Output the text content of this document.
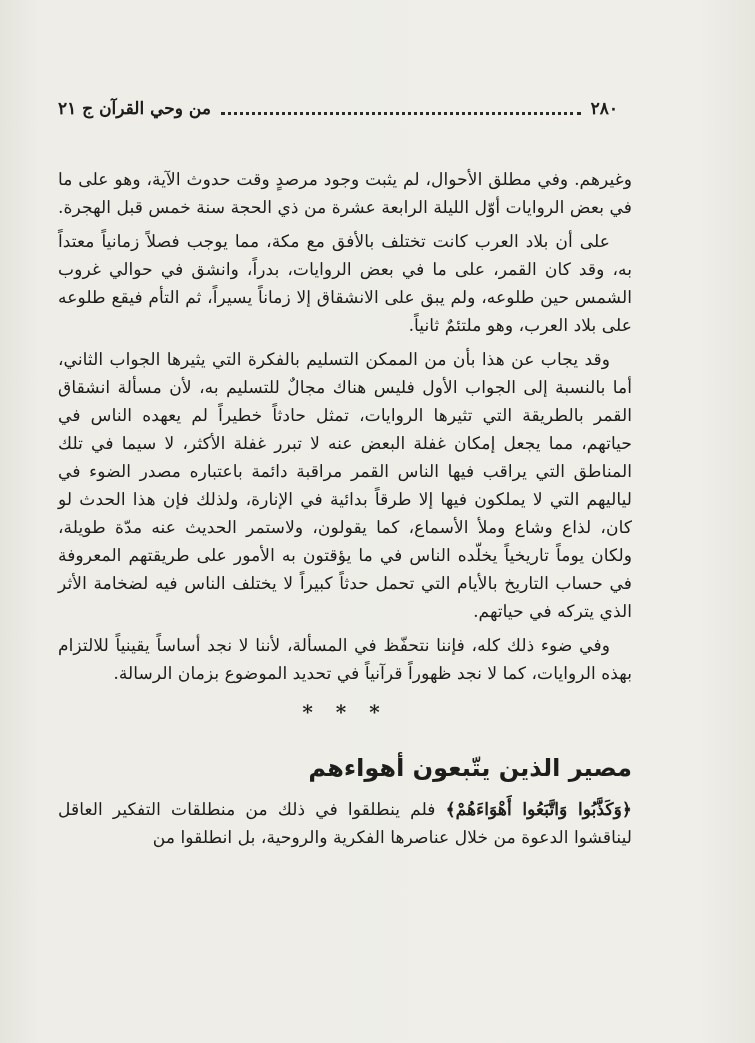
٢٨٠
من وحي القرآن ج ٢١

وغيرهم. وفي مطلق الأحوال، لم يثبت وجود مرصدٍ وقت حدوث الآية، وهو على ما في بعض الروايات أوّل الليلة الرابعة عشرة من ذي الحجة سنة خمس قبل الهجرة.

على أن بلاد العرب كانت تختلف بالأفق مع مكة، مما يوجب فصلاً زمانياً معتداً به، وقد كان القمر، على ما في بعض الروايات، بدراً، وانشق في حوالي غروب الشمس حين طلوعه، ولم يبق على الانشقاق إلا زماناً يسيراً، ثم التأم فيقع طلوعه على بلاد العرب، وهو ملتئمٌ ثانياً.

وقد يجاب عن هذا بأن من الممكن التسليم بالفكرة التي يثيرها الجواب الثاني، أما بالنسبة إلى الجواب الأول فليس هناك مجالٌ للتسليم به، لأن مسألة انشقاق القمر بالطريقة التي تثيرها الروايات، تمثل حادثاً خطيراً لم يعهده الناس في حياتهم، مما يجعل إمكان غفلة البعض عنه لا تبرر غفلة الأكثر، لا سيما في تلك المناطق التي يراقب فيها الناس القمر مراقبة دائمة باعتباره مصدر الضوء في لياليهم التي لا يملكون فيها إلا طرقاً بدائية في الإنارة، ولذلك فإن هذا الحدث لو كان، لذاع وشاع وملأ الأسماع، كما يقولون، ولاستمر الحديث عنه مدّة طويلة، ولكان يوماً تاريخياً يخلّده الناس في ما يؤقتون به الأمور على طريقتهم المعروفة في حساب التاريخ بالأيام التي تحمل حدثاً كبيراً لا يختلف الناس فيه لضخامة الأثر الذي يتركه في حياتهم.

وفي ضوء ذلك كله، فإننا نتحفّظ في المسألة، لأننا لا نجد أساساً يقينياً للالتزام بهذه الروايات، كما لا نجد ظهوراً قرآنياً في تحديد الموضوع بزمان الرسالة.

* * *
مصير الذين يتّبعون أهواءهم

﴿وَكَذَّبُوا وَاتَّبَعُوا أَهْوَاءَهُمْ﴾ فلم ينطلقوا في ذلك من منطلقات التفكير العاقل ليناقشوا الدعوة من خلال عناصرها الفكرية والروحية، بل انطلقوا من
